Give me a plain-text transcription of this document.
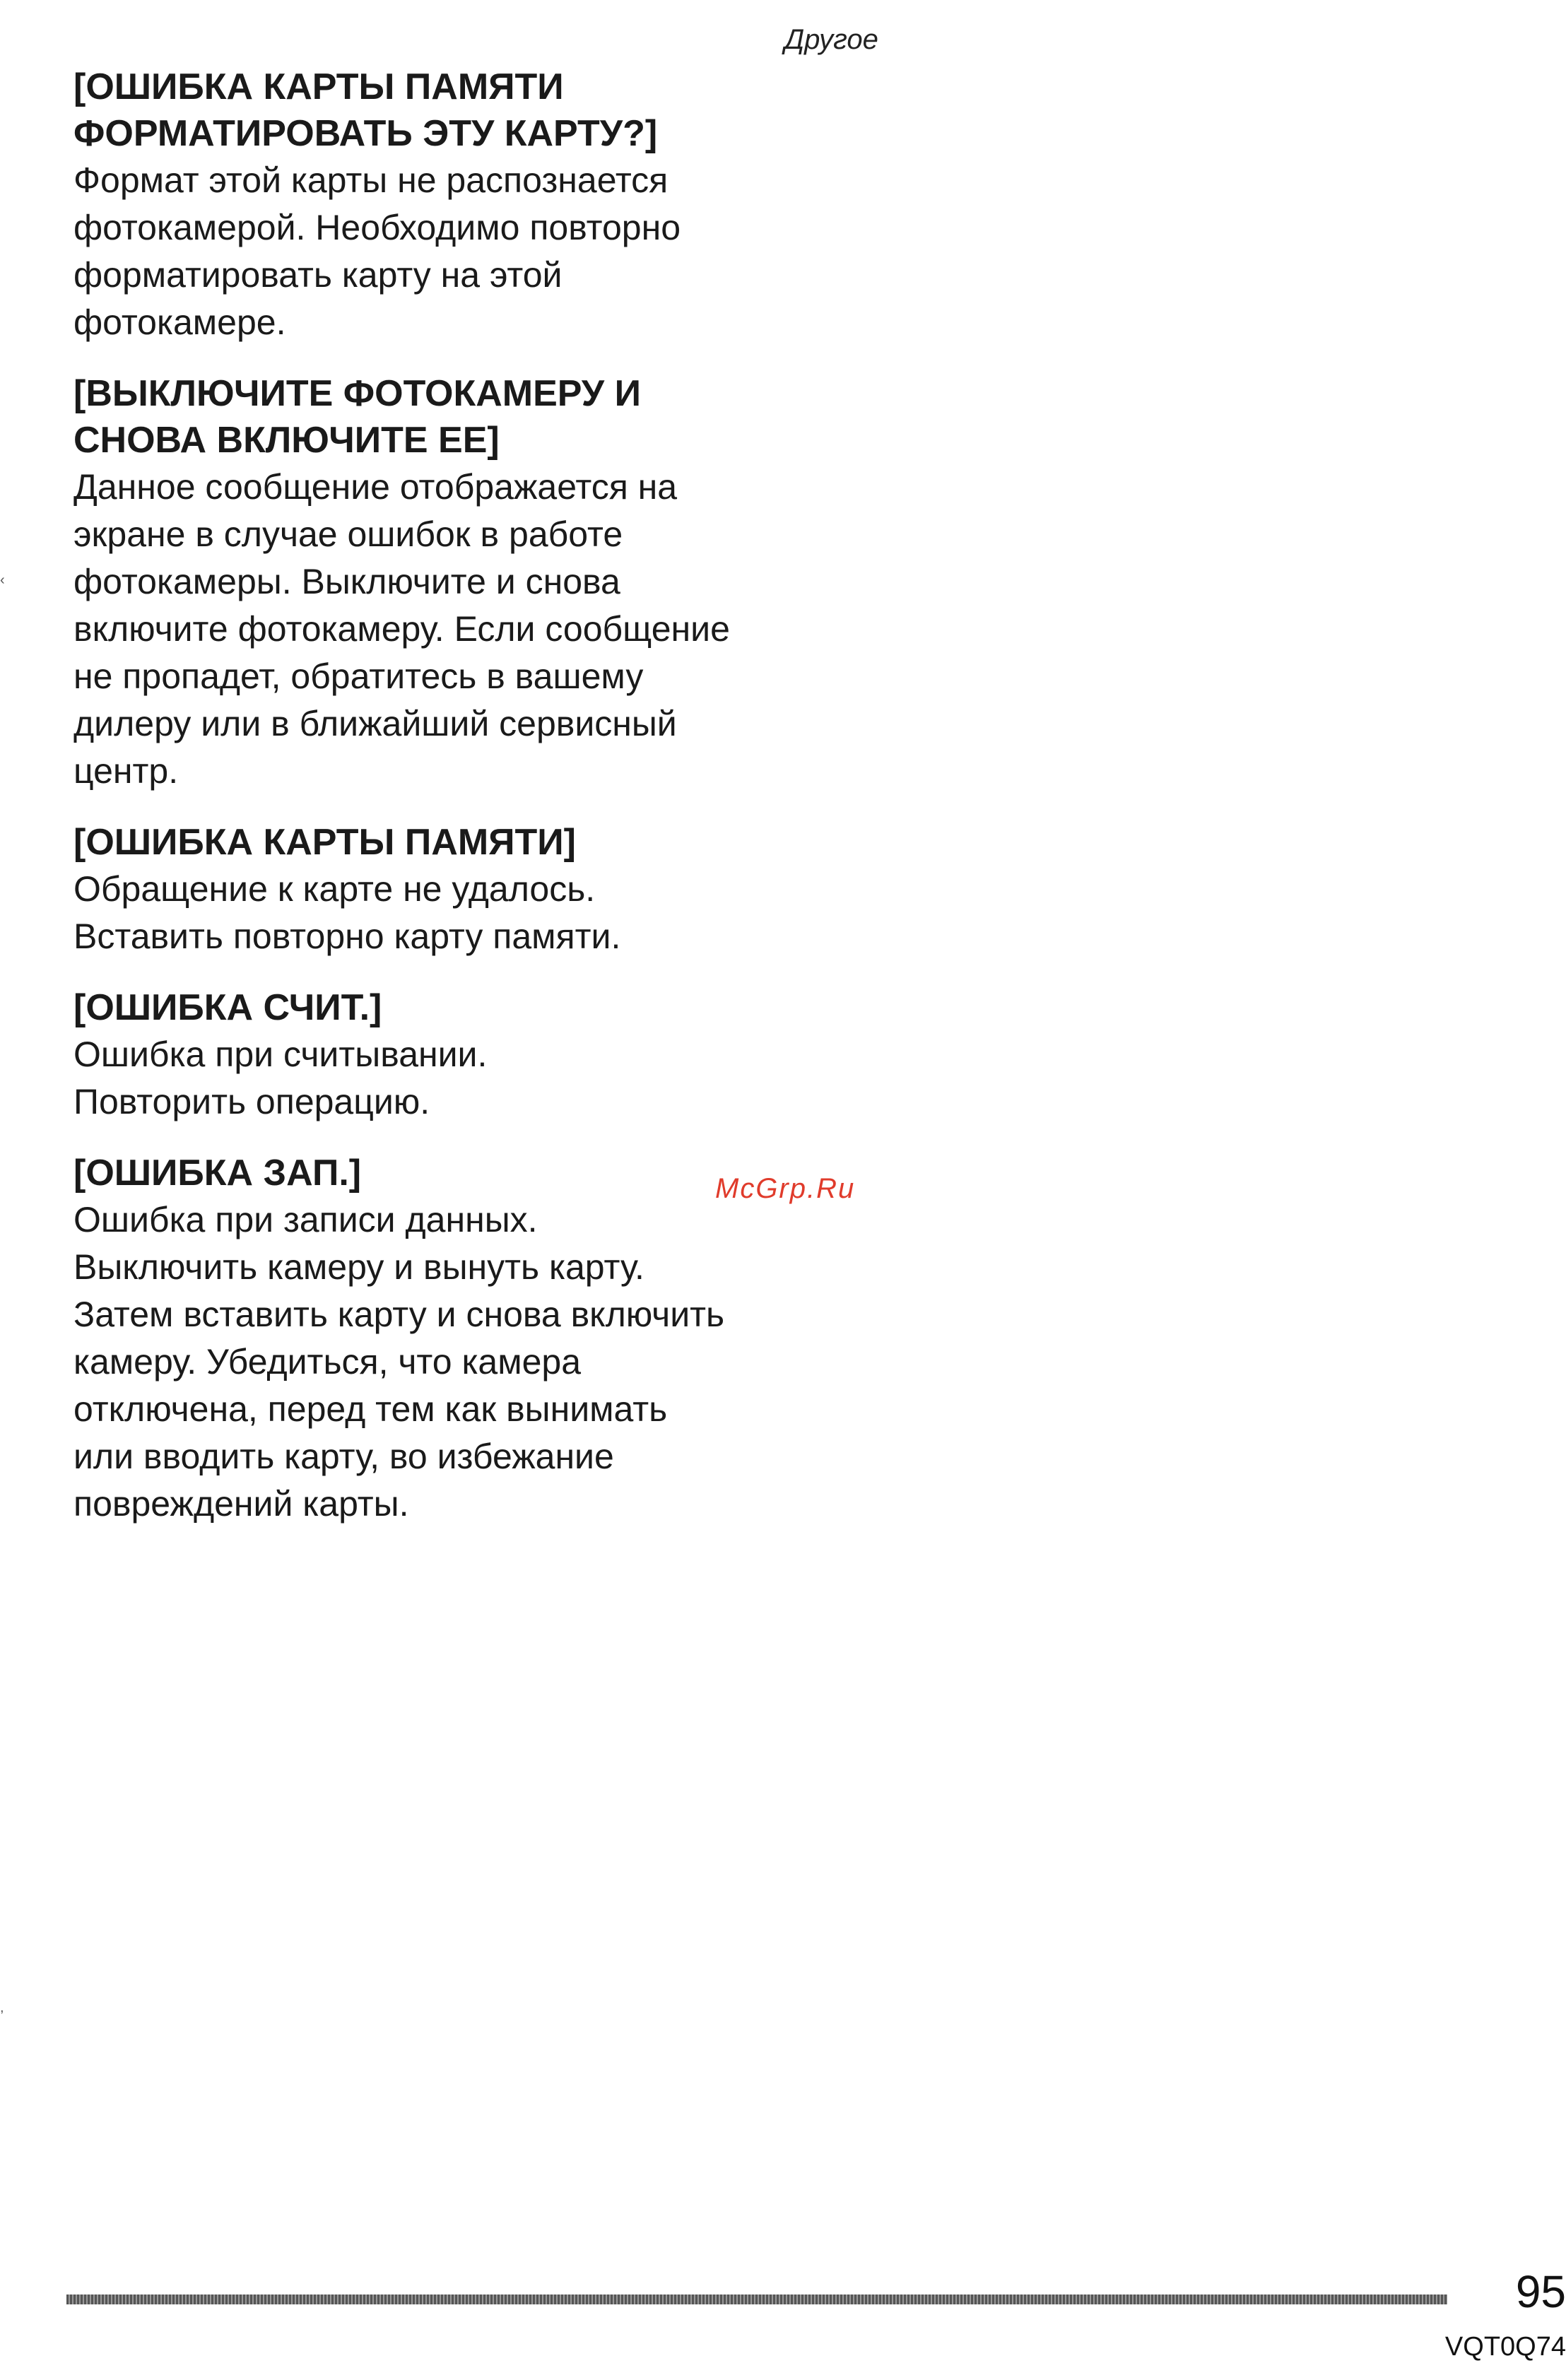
Другое

[ОШИБКА КАРТЫ ПАМЯТИ

ФОРМАТИРОВАТЬ ЭТУ КАРТУ?]

Формат этой карты не распознается

фотокамерой. Необходимо повторно

форматировать карту на этой

фотокамере.

[ВЫКЛЮЧИТЕ ФОТОКАМЕРУ И

СНОВА ВКЛЮЧИТЕ ЕЕ]

Данное сообщение отображается на

экране в случае ошибок в работе

фотокамеры. Выключите и снова

включите фотокамеру. Если сообщение

не пропадет, обратитесь в вашему

дилеру или в ближайший сервисный

центр.

[ОШИБКА КАРТЫ ПАМЯТИ]

Обращение к карте не удалось.

Вставить повторно карту памяти.

[ОШИБКА СЧИТ.]

Ошибка при считывании.

Повторить операцию.

[ОШИБКА ЗАП.]

Ошибка при записи данных.

Выключить камеру и вынуть карту.

Затем вставить карту и снова включить

камеру. Убедиться, что камера

отключена, перед тем как вынимать

или вводить карту, во избежание

повреждений карты.

McGrp.Ru
‹
,
95
VQT0Q74
